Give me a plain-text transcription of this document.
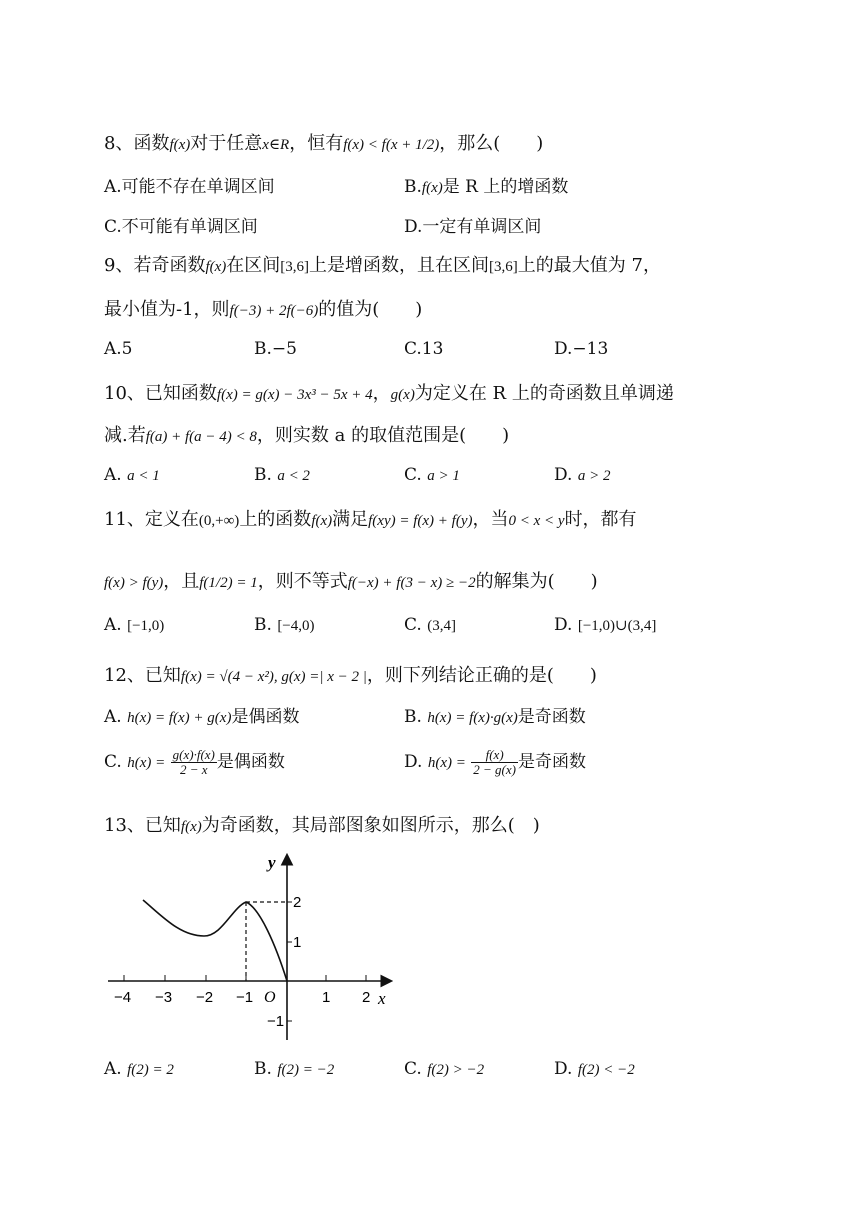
8、函数f(x)对于任意x∈R，恒有f(x) < f(x + 1/2)，那么(　　)
A.可能不存在单调区间	B.f(x)是 R 上的增函数
C.不可能有单调区间	D.一定有单调区间
9、若奇函数f(x)在区间[3,6]上是增函数，且在区间[3,6]上的最大值为 7，
最小值为-1，则f(−3) + 2f(−6)的值为(　　)
A.5	B.−5	C.13	D.−13
10、已知函数f(x) = g(x) − 3x³ − 5x + 4，g(x)为定义在 R 上的奇函数且单调递
减.若f(a) + f(a − 4) < 8，则实数 a 的取值范围是(　　)
A. a < 1	B. a < 2	C. a > 1	D. a > 2
11、定义在(0,+∞)上的函数f(x)满足f(xy) = f(x) + f(y)，当0 < x < y时，都有
f(x) > f(y)，且f(1/2) = 1，则不等式f(−x) + f(3 − x) ≥ −2的解集为(　　)
A. [−1,0)	B. [−4,0)	C. (3,4]	D. [−1,0)∪(3,4]
12、已知f(x) = √(4 − x²), g(x) =| x − 2 |，则下列结论正确的是(　　)
A. h(x) = f(x) + g(x)是偶函数	B. h(x) = f(x)·g(x)是奇函数
C. $h(x) = \frac{g(x)\cdot f(x)}{2 - x}$ 是偶函数	D. $h(x) = \frac{f(x)}{2 - g(x)}$ 是奇函数
13、已知f(x)为奇函数，其局部图象如图所示，那么(　)
y
x
O
−4 −3 −2 −1	1 2
2
1
−1
A. f(2) = 2	B. f(2) = −2	C. f(2) > −2	D. f(2) < −2
